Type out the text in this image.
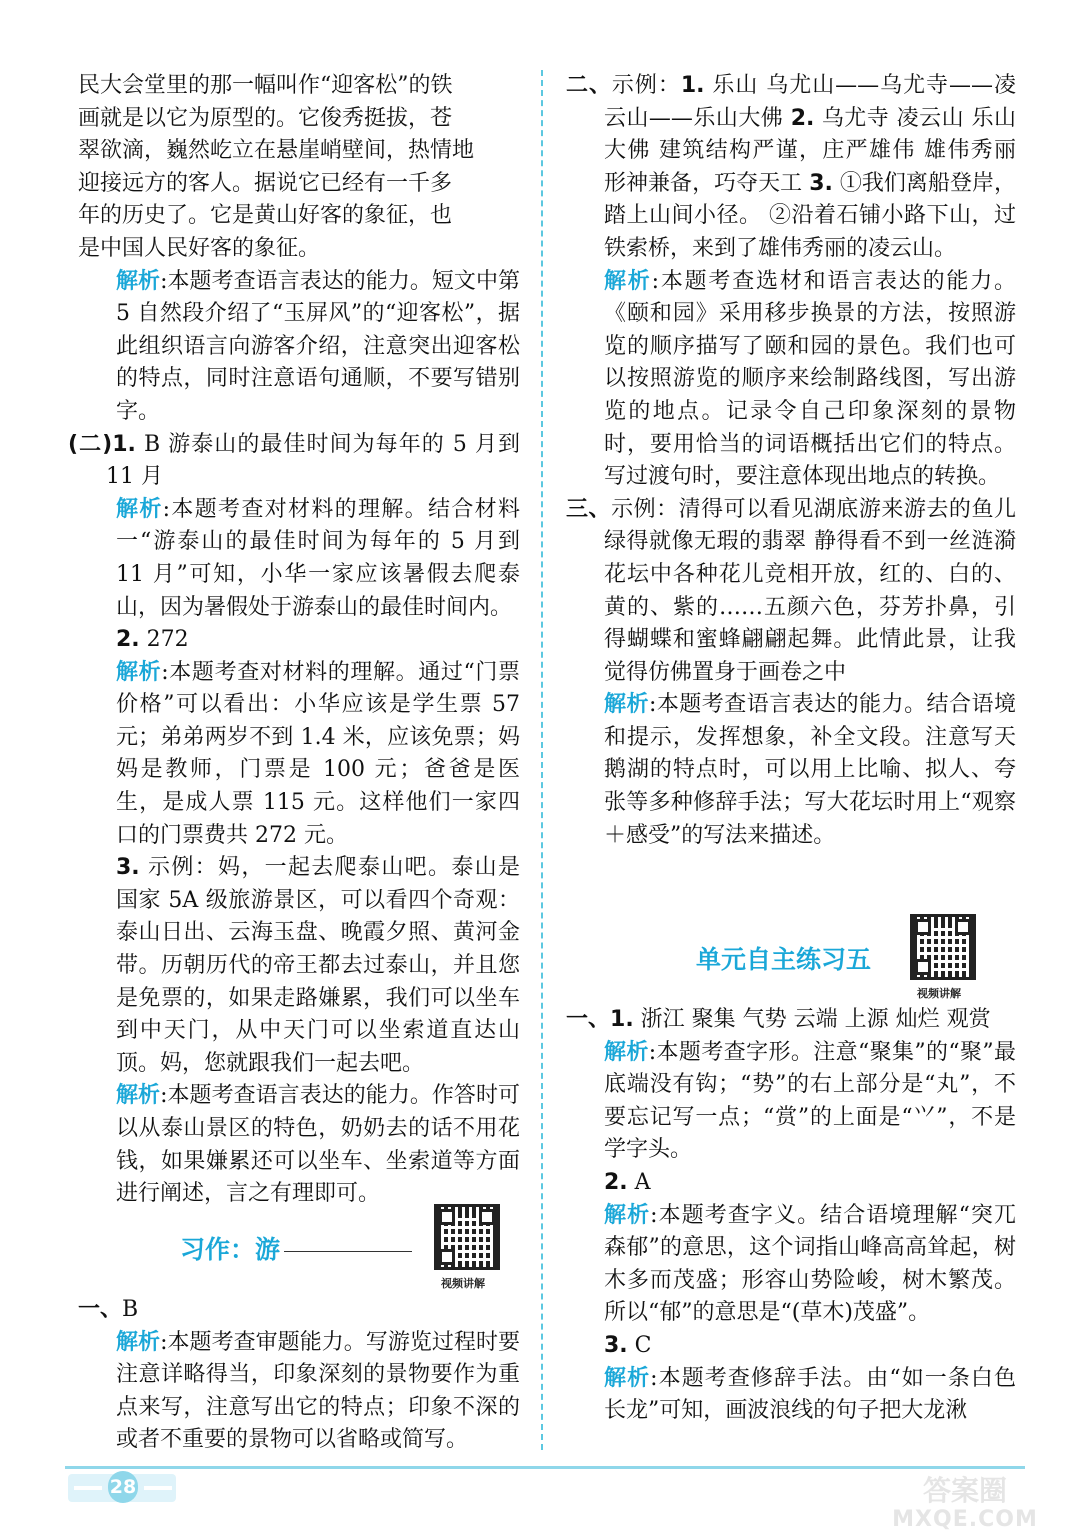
民大会堂里的那一幅叫作“迎客松”的铁

画就是以它为原型的。它俊秀挺拔，苍

翠欲滴，巍然屹立在悬崖峭壁间，热情地

迎接远方的客人。据说它已经有一千多

年的历史了。它是黄山好客的象征，也

是中国人民好客的象征。

解析:本题考查语言表达的能力。短文中第 5 自然段介绍了“玉屏风”的“迎客松”，据此组织语言向游客介绍，注意突出迎客松的特点，同时注意语句通顺，不要写错别字。

(二)1. B 游泰山的最佳时间为每年的 5 月到 11 月

解析:本题考查对材料的理解。结合材料一“游泰山的最佳时间为每年的 5 月到 11 月”可知，小华一家应该暑假去爬泰山，因为暑假处于游泰山的最佳时间内。

2. 272

解析:本题考查对材料的理解。通过“门票价格”可以看出：小华应该是学生票 57 元；弟弟两岁不到 1.4 米，应该免票；妈妈是教师，门票是 100 元；爸爸是医生，是成人票 115 元。这样他们一家四口的门票费共 272 元。

3. 示例：妈，一起去爬泰山吧。泰山是国家 5A 级旅游景区，可以看四个奇观：泰山日出、云海玉盘、晚霞夕照、黄河金带。历朝历代的帝王都去过泰山，并且您是免票的，如果走路嫌累，我们可以坐车到中天门，从中天门可以坐索道直达山顶。妈，您就跟我们一起去吧。

解析:本题考查语言表达的能力。作答时可以从泰山景区的特色，奶奶去的话不用花钱，如果嫌累还可以坐车、坐索道等方面进行阐述，言之有理即可。

习作：游
视频讲解

一、B

解析:本题考查审题能力。写游览过程时要注意详略得当，印象深刻的景物要作为重点来写，注意写出它的特点；印象不深的或者不重要的景物可以省略或简写。

二、示例：1. 乐山 乌尤山——乌尤寺——凌云山——乐山大佛 2. 乌尤寺 凌云山 乐山大佛 建筑结构严谨，庄严雄伟 雄伟秀丽 形神兼备，巧夺天工 3. ①我们离船登岸，踏上山间小径。 ②沿着石铺小路下山，过铁索桥，来到了雄伟秀丽的凌云山。

解析:本题考查选材和语言表达的能力。《颐和园》采用移步换景的方法，按照游览的顺序描写了颐和园的景色。我们也可以按照游览的顺序来绘制路线图，写出游览的地点。记录令自己印象深刻的景物时，要用恰当的词语概括出它们的特点。写过渡句时，要注意体现出地点的转换。

三、示例：清得可以看见湖底游来游去的鱼儿 绿得就像无瑕的翡翠 静得看不到一丝涟漪 花坛中各种花儿竞相开放，红的、白的、黄的、紫的……五颜六色，芬芳扑鼻，引得蝴蝶和蜜蜂翩翩起舞。此情此景，让我觉得仿佛置身于画卷之中

解析:本题考查语言表达的能力。结合语境和提示，发挥想象，补全文段。注意写天鹅湖的特点时，可以用上比喻、拟人、夸张等多种修辞手法；写大花坛时用上“观察＋感受”的写法来描述。

单元自主练习五
视频讲解

一、1. 浙江 聚集 气势 云端 上源 灿烂 观赏

解析:本题考查字形。注意“聚集”的“聚”最底端没有钩；“势”的右上部分是“丸”，不要忘记写一点；“赏”的上面是“⺍”，不是学字头。

2. A

解析:本题考查字义。结合语境理解“突兀森郁”的意思，这个词指山峰高高耸起，树木多而茂盛；形容山势险峻，树木繁茂。所以“郁”的意思是“(草木)茂盛”。

3. C

解析:本题考查修辞手法。由“如一条白色长龙”可知，画波浪线的句子把大龙湫

28	答案圈
MXQE.COM
